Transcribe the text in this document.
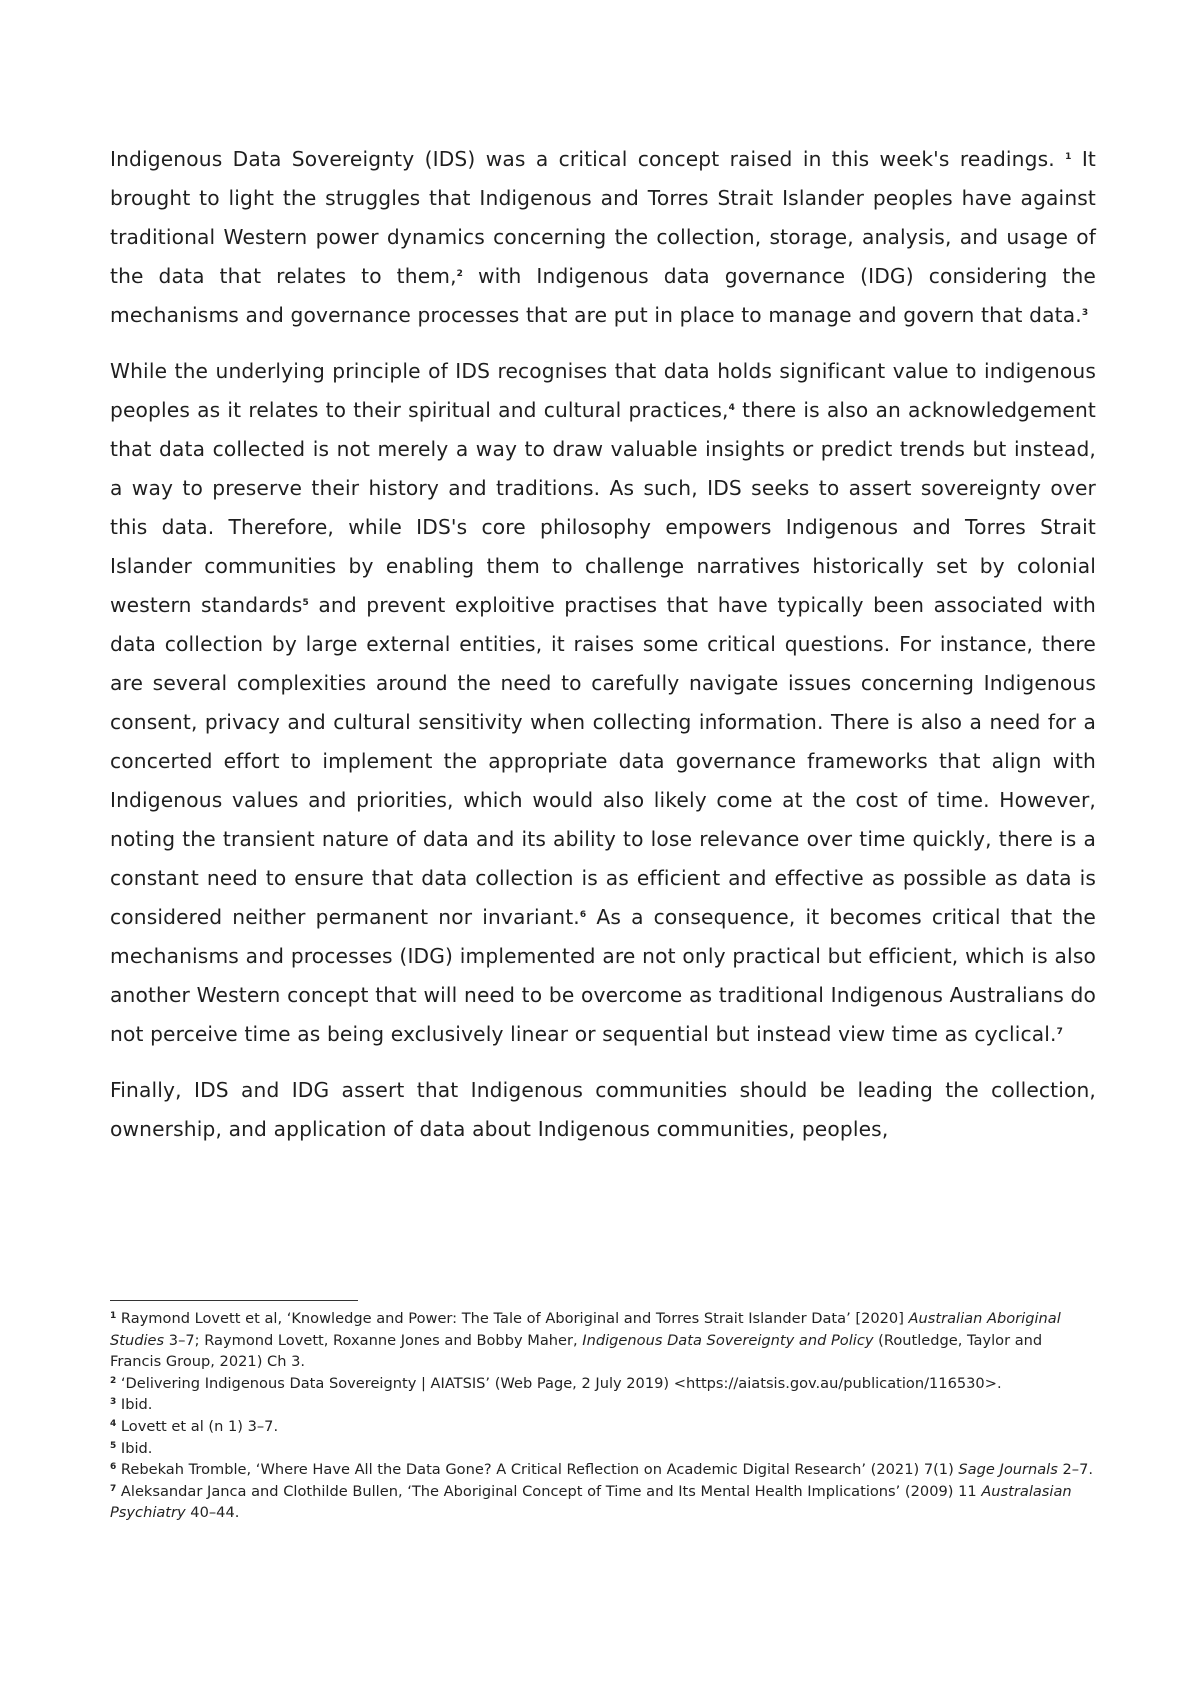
Indigenous Data Sovereignty (IDS) was a critical concept raised in this week's readings. $^1$ It brought to light the struggles that Indigenous and Torres Strait Islander peoples have against traditional Western power dynamics concerning the collection, storage, analysis, and usage of the data that relates to them,$^2$ with Indigenous data governance (IDG) considering the mechanisms and governance processes that are put in place to manage and govern that data.$^3$

While the underlying principle of IDS recognises that data holds significant value to indigenous peoples as it relates to their spiritual and cultural practices,$^4$ there is also an acknowledgement that data collected is not merely a way to draw valuable insights or predict trends but instead, a way to preserve their history and traditions. As such, IDS seeks to assert sovereignty over this data. Therefore, while IDS's core philosophy empowers Indigenous and Torres Strait Islander communities by enabling them to challenge narratives historically set by colonial western standards$^5$ and prevent exploitive practises that have typically been associated with data collection by large external entities, it raises some critical questions. For instance, there are several complexities around the need to carefully navigate issues concerning Indigenous consent, privacy and cultural sensitivity when collecting information. There is also a need for a concerted effort to implement the appropriate data governance frameworks that align with Indigenous values and priorities, which would also likely come at the cost of time. However, noting the transient nature of data and its ability to lose relevance over time quickly, there is a constant need to ensure that data collection is as efficient and effective as possible as data is considered neither permanent nor invariant.$^6$ As a consequence, it becomes critical that the mechanisms and processes (IDG) implemented are not only practical but efficient, which is also another Western concept that will need to be overcome as traditional Indigenous Australians do not perceive time as being exclusively linear or sequential but instead view time as cyclical.$^7$

Finally, IDS and IDG assert that Indigenous communities should be leading the collection, ownership, and application of data about Indigenous communities, peoples,

$^1$ Raymond Lovett et al, ‘Knowledge and Power: The Tale of Aboriginal and Torres Strait Islander Data’ [2020] Australian Aboriginal Studies 3–7; Raymond Lovett, Roxanne Jones and Bobby Maher, Indigenous Data Sovereignty and Policy (Routledge, Taylor and Francis Group, 2021) Ch 3.
$^2$ ‘Delivering Indigenous Data Sovereignty | AIATSIS’ (Web Page, 2 July 2019) <https://aiatsis.gov.au/publication/116530>.
$^3$ Ibid.
$^4$ Lovett et al (n 1) 3–7.
$^5$ Ibid.
$^6$ Rebekah Tromble, ‘Where Have All the Data Gone? A Critical Reflection on Academic Digital Research’ (2021) 7(1) Sage Journals 2–7.
$^7$ Aleksandar Janca and Clothilde Bullen, ‘The Aboriginal Concept of Time and Its Mental Health Implications’ (2009) 11 Australasian Psychiatry 40–44.
